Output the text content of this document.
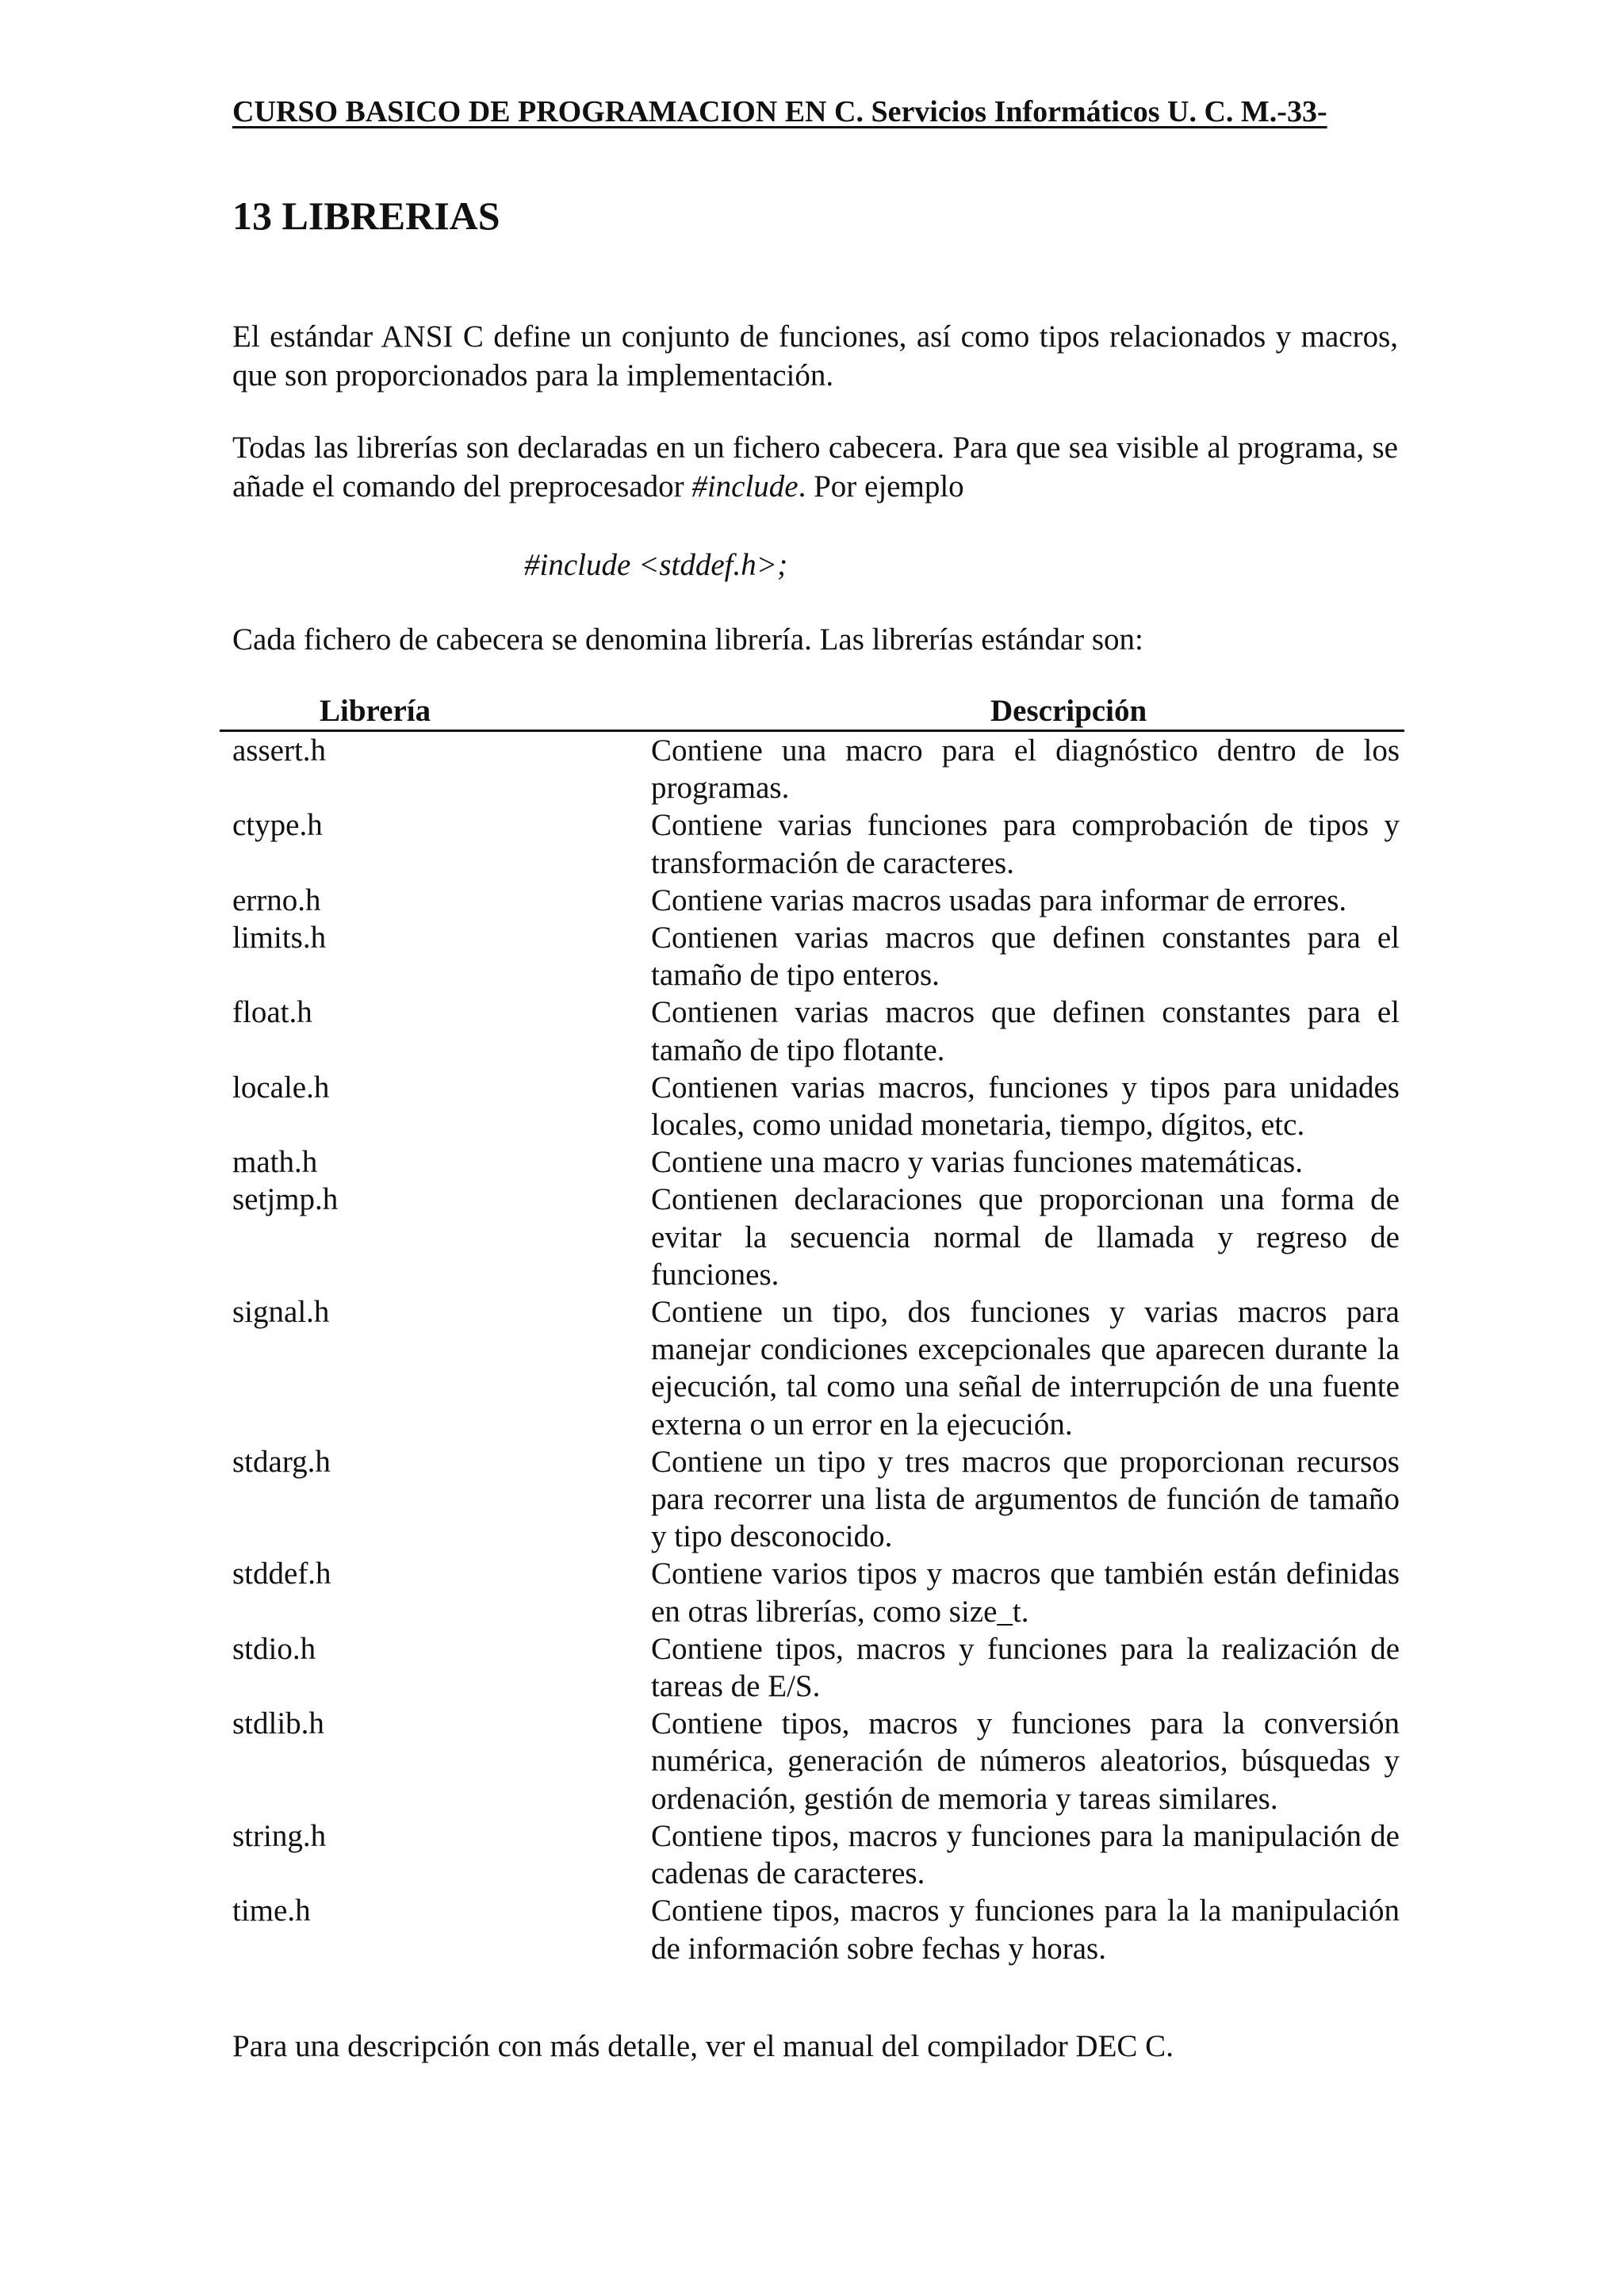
CURSO BASICO DE PROGRAMACION EN C. Servicios Informáticos U. C. M.-33-

13 LIBRERIAS

El estándar ANSI C define un conjunto de funciones, así como tipos relacionados y macros, que son proporcionados para la implementación.

Todas las librerías son declaradas en un fichero cabecera. Para que sea visible al programa, se añade el comando del preprocesador #include. Por ejemplo

#include <stddef.h>;

Cada fichero de cabecera se denomina librería. Las librerías estándar son:

Librería	Descripción
assert.h	Contiene una macro para el diagnóstico dentro de los programas.
ctype.h	Contiene varias funciones para comprobación de tipos y transformación de caracteres.
errno.h	Contiene varias macros usadas para informar de errores.
limits.h	Contienen varias macros que definen constantes para el tamaño de tipo enteros.
float.h	Contienen varias macros que definen constantes para el tamaño de tipo flotante.
locale.h	Contienen varias macros, funciones y tipos para unidades locales, como unidad monetaria, tiempo, dígitos, etc.
math.h	Contiene una macro y varias funciones matemáticas.
setjmp.h	Contienen declaraciones que proporcionan una forma de evitar la secuencia normal de llamada y regreso de funciones.
signal.h	Contiene un tipo, dos funciones y varias macros para manejar condiciones excepcionales que aparecen durante la ejecución, tal como una señal de interrupción de una fuente externa o un error en la ejecución.
stdarg.h	Contiene un tipo y tres macros que proporcionan recursos para recorrer una lista de argumentos de función de tamaño y tipo desconocido.
stddef.h	Contiene varios tipos y macros que también están definidas en otras librerías, como size_t.
stdio.h	Contiene tipos, macros y funciones para la realización de tareas de E/S.
stdlib.h	Contiene tipos, macros y funciones para la conversión numérica, generación de números aleatorios, búsquedas y ordenación, gestión de memoria y tareas similares.
string.h	Contiene tipos, macros y funciones para la manipulación de cadenas de caracteres.
time.h	Contiene tipos, macros y funciones para la la manipulación de información sobre fechas y horas.

Para una descripción con más detalle, ver el manual del compilador DEC C.
